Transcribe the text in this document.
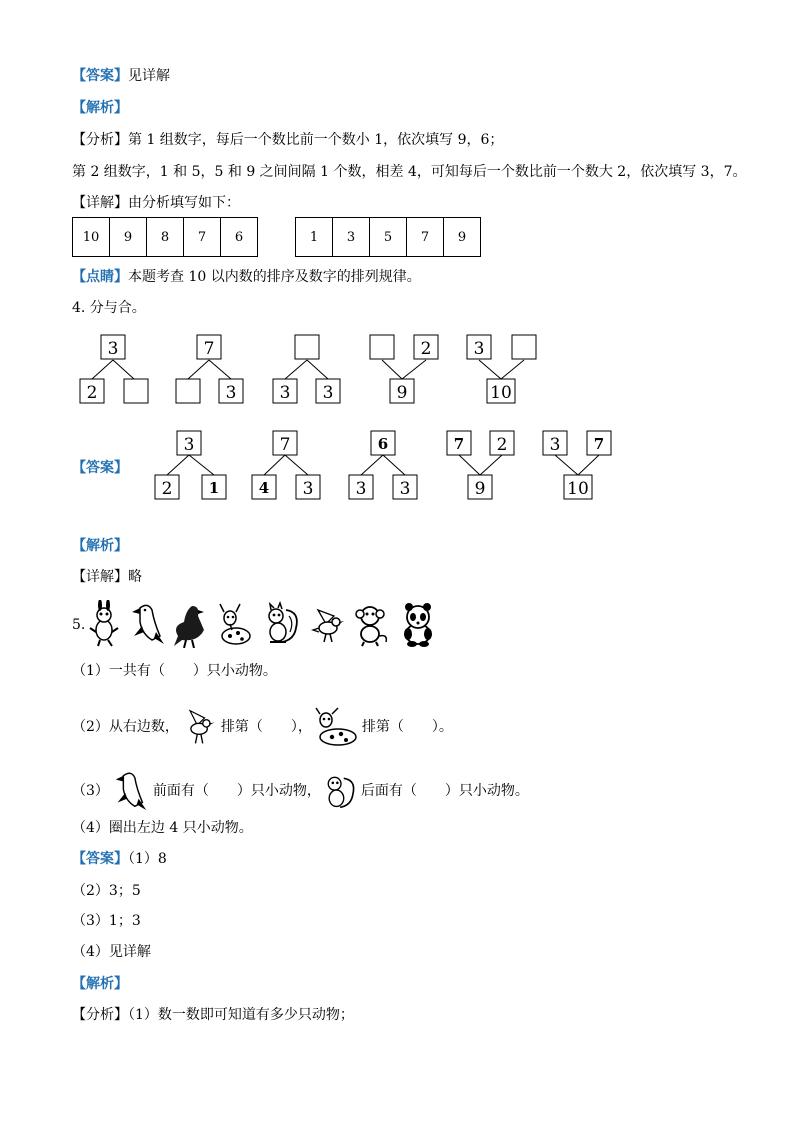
【答案】见详解
【解析】
【分析】第 1 组数字，每后一个数比前一个数小 1，依次填写 9，6；
第 2 组数字，1 和 5，5 和 9 之间间隔 1 个数，相差 4，可知每后一个数比前一个数大 2，依次填写 3，7。
【详解】由分析填写如下：
10	9	8	7	6	1	3	5	7	9
【点睛】本题考查 10 以内数的排序及数字的排列规律。
4. 分与合。
3
2
7
3	3 3
2
9
3
10
【答案】
3
2 1
7
4 3
6
3 3
7 2
9
3 7
10
【解析】
【详解】略
5.
（1）一共有（　　）只小动物。
（2）从右边数，	排第（　　），	排第（　　）。
（3）	前面有（　　）只小动物，	后面有（　　）只小动物。
（4）圈出左边 4 只小动物。
【答案】（1）8
（2）3；5
（3）1；3
（4）见详解
【解析】
【分析】（1）数一数即可知道有多少只动物；
